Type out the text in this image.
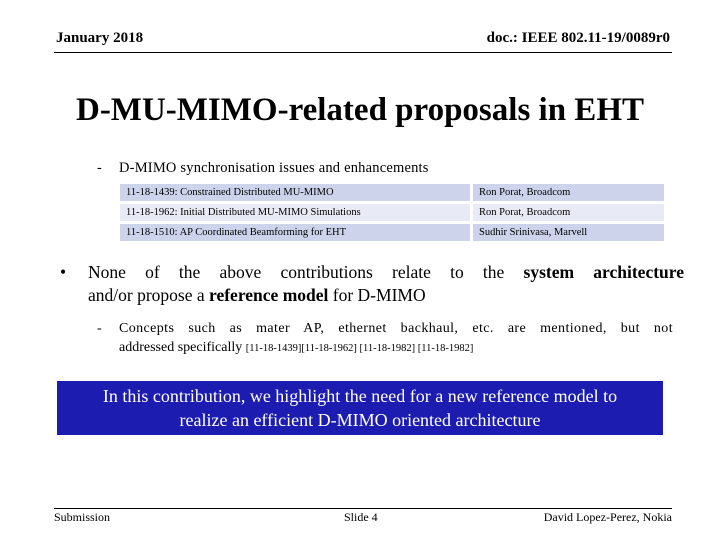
January 2018	doc.: IEEE 802.11-19/0089r0
D-MU-MIMO-related proposals in EHT
- D-MIMO synchronisation issues and enhancements
11-18-1439: Constrained Distributed MU-MIMO	Ron Porat, Broadcom
11-18-1962: Initial Distributed MU-MIMO Simulations	Ron Porat, Broadcom
11-18-1510: AP Coordinated Beamforming for EHT	Sudhir Srinivasa, Marvell
• None of the above contributions relate to the system architecture
and/or propose a reference model for D-MIMO
- Concepts such as mater AP, ethernet backhaul, etc. are mentioned, but not
addressed specifically [11-18-1439][11-18-1962] [11-18-1982] [11-18-1982]
In this contribution, we highlight the need for a new reference model to
realize an efficient D-MIMO oriented architecture
Submission	Slide 4	David Lopez-Perez, Nokia
